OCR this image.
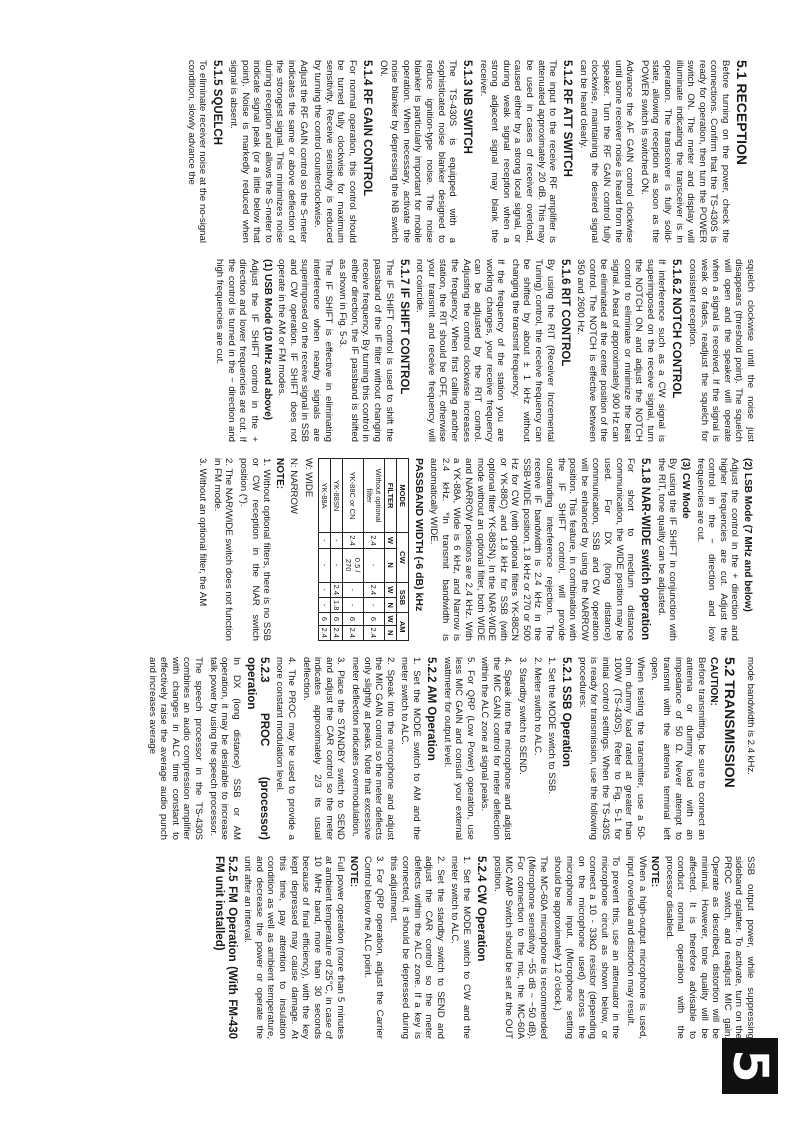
5
5.1 RECEPTION

Before turning on the power, check the connections. Confirm that the TS-430S is ready for operation, then turn the POWER switch ON. The meter and display will illuminate indicating the transceiver is in operation. The transceiver is fully solid-state, allowing reception as soon as the POWER switch is switched ON.

Advance the AF GAIN control clockwise until some receiver noise is heard from the speaker. Turn the RF GAIN control fully clockwise, maintaining the desired signal can be heard clearly.

5.1.2 RF ATT SWITCH

The input to the receive RF amplifier is attenuated approximately 20 dB. This may be used in cases of receiver overload, caused either by a strong local signal, or during weak signal reception when a strong adjacent signal may blank the receiver.

5.1.3 NB SWITCH

The TS-430S is equipped with a sophisticated noise blanker designed to reduce ignition-type noise. The noise blanker is particularly important for mobile operation. When necessary, activate the noise blanker by depressing the NB switch ON.

5.1.4 RF GAIN CONTROL

For normal operation, this control should be turned fully clockwise for maximum sensitivity. Receive sensitivity is reduced by turning the control counterclockwise.

Adjust the RF GAIN control so the S-meter indicates the same or above deflection of the strongest signal. This minimizes noise during reception and allows the S-meter to indicate signal peak (or a little below that point). Noise is markedly reduced when signal is absent.

5.1.5 SQUELCH

To eliminate receiver noise at the no-signal condition, slowly advance the

squelch clockwise until the noise just disappears (threshold point). The squelch will open and the speaker will operate when a signal is received. If the signal is weak or fades, readjust the squelch for consistent reception.

5.1.6.2 NOTCH CONTROL

If interference such as a CW signal is superimposed on the receive signal, turn the NOTCH ON and adjust the NOTCH control to eliminate or minimize the beat signal. A beat of approximately 900 Hz can be eliminated at the center position of the control. The NOTCH is effective between 350 and 2600 Hz.

5.1.6 RIT CONTROL

By using the RIT (Receiver Incremental Tuning) control, the receive frequency can be shifted by about ± 1 kHz without changing the transmit frequency.

If the frequency of the station you are working changes, your receive frequency can be adjusted by the RIT control. Adjusting the control clockwise increases the frequency. When first calling another station, the RIT should be OFF, otherwise your transmit and receive frequency will not coincide.

5.1.7 IF SHIFT CONTROL

The IF SHIFT control is used to shift the passband of the IF filter without changing receive frequency. By turning this control in either direction, the IF passband is shifted as shown in Fig. 5-3.

The IF SHIFT is effective in eliminating interference when nearby signals are superimposed on the receive signal in SSB and CW operation. IF SHIFT does not operate in the AM or FM modes.

(1) USB Mode (10 MHz and above)

Adjust the IF SHIFT control in the + direction and lower frequencies are cut. If the control is turned in the − direction and high frequencies are cut.

(2) LSB Mode (7 MHz and below)

Adjust the control in the + direction and higher frequencies are cut. Adjust the control in the − direction and low frequencies are cut.

(3) CW Mode

By using the IF SHIFT in conjunction with the RIT, tone quality can be adjusted.

5.1.8 NAR-WIDE switch operation

For short to medium distance communication, the WIDE position may be used. For DX (long distance) communication, SSB and CW operation will be enhanced by using the NARROW position. This feature, in combination with the IF SHIFT control, will provide outstanding interference rejection. The receive IF bandwidth is 2.4 kHz in the SSB-WIDE position, 1.8 kHz or 270 or 500 Hz for CW (with optional filters YK-88CN or YK-88C) and 1.8 kHz for SSB (with optional filter YK-88SN). In the NAR-WIDE mode without an optional filter, both WIDE and NARROW positions are 2.4 kHz. With a YK-88A, Wide is 6 kHz, and Narrow is 2.4 kHz. *In transmit bandwidth is automatically WIDE.

PASSBAND WIDTH (-6 dB) kHz
MODE	CW		SSB		AM	
FILTER	W	N	W	N	W	N
Without optional filter	2.4	-	2.4	-	6	2.4
YK-88C or CN	2.4	0.5 / 270	-	-	6	2.4
YK-88SN	-	-	2.4	1.8	6	2.4
YK-88A	-	-	-	-	6	2.4

W: WIDE

N: NARROW

NOTE:

1. Without optional filters, there is no SSB or CW reception in the NAR switch position (*).

2. The NAR/WIDE switch does not function in FM mode.

3. Without an optional filter, the AM

mode bandwidth is 2.4 kHz.

5.2 TRANSMISSION
CAUTION:

Before transmitting, be sure to connect an antenna or dummy load with an impedance of 50 Ω. Never attempt to transmit with the antenna terminal left open.

When testing the transmitter, use a 50-ohm dummy load rated at greater than 100W (TS-430S). Refer to Fig. 5-1 for initial control settings. When the TS-430S is ready for transmission, use the following procedures:

5.2.1 SSB Operation

1. Set the MODE switch to SSB.

2. Meter switch to ALC.

3. Standby switch to SEND.

4. Speak into the microphone and adjust the MIC GAIN control for meter deflection within the ALC zone at signal peaks.

5. For QRP (Low Power) operation, use less MIC GAIN and consult your external wattmeter for output level.

5.2.2 AM Operation

1. Set the MODE switch to AM and the meter switch to ALC.

2. Speak into the microphone and adjust the MIC GAIN control so the meter deflects only slightly at peaks. Note that excessive meter deflection indicates overmodulation.

3. Place the STANDBY switch to SEND and adjust the CAR control so the meter indicates approximately 2/3 its usual deflection.

4. The PROC may be used to provide a more constant modulation level.

5.2.3 PROC (processor) operation

In DX (long distance) SSB or AM operation, it may be desirable to increase talk power by using the speech processor.

The speech processor in the TS-430S combines an audio compression amplifier with changes in ALC time constant to effectively raise the average audio punch and increases average

SSB output power, while suppressing sideband splatter. To activate, turn on the PROC switch, and readjust MIC gain. Operate as described, distortion will be minimal. However, tone quality will be affected. It is therefore advisable to conduct normal operation with the processor disabled.

NOTE:

When a high-output microphone is used, input overload and distortion may result.

To prevent this, use an attenuator in the microphone circuit as shown below, or connect a 10 - 33kΩ resistor (depending on the microphone used) across the microphone input. (Microphone setting should be approximately 12 o'clock.)

The MC-60A microphone is recommended (Microphone sensitivity −55 dB ~ −50 dB). For connection to the mic, the MC-60A MIC AMP Switch should be set at the OUT position.

5.2.4 CW Operation

1. Set the MODE switch to CW and the meter switch to ALC.

2. Set the standby switch to SEND and adjust the CAR control so the meter deflects within the ALC zone. If a key is connected, it should be depressed during this adjustment.

3. For QRP operation, adjust the Carrier Control below the ALC point.

NOTE:

Full power operation (more than 5 minutes at ambient temperature of 25°C, in case of 10 MHz band, more than 30 seconds because of final efficiency), with the key kept depressed may cause damage. At this time, pay attention to insulation condition as well as ambient temperature, and decrease the power or operate the unit after an interval.

5.2.5 FM Operation (With FM-430 FM unit installed)
